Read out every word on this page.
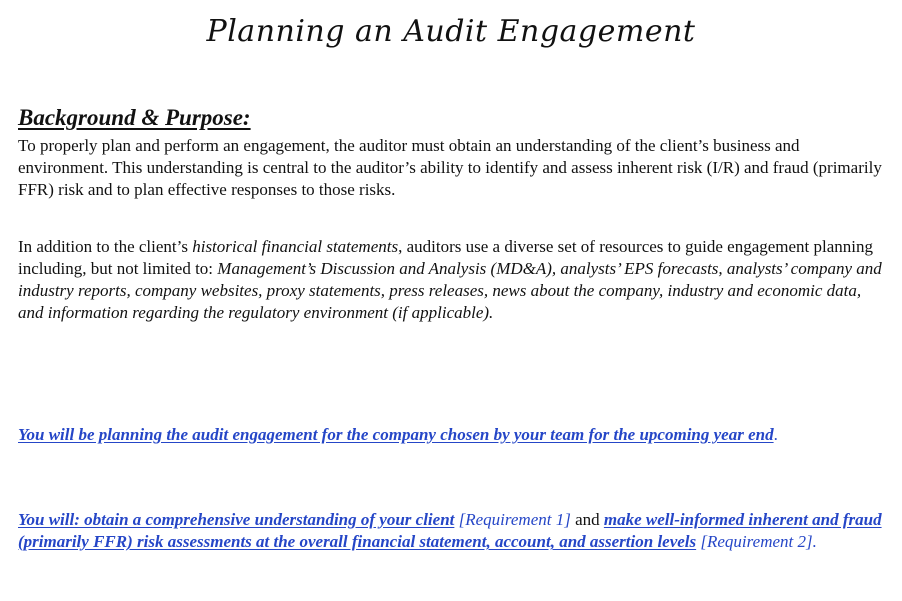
Planning an Audit Engagement
Background & Purpose:
To properly plan and perform an engagement, the auditor must obtain an understanding of the client’s business and environment. This understanding is central to the auditor’s ability to identify and assess inherent risk (I/R) and fraud (primarily FFR) risk and to plan effective responses to those risks.
In addition to the client’s historical financial statements, auditors use a diverse set of resources to guide engagement planning including, but not limited to: Management’s Discussion and Analysis (MD&A), analysts’ EPS forecasts, analysts’ company and industry reports, company websites, proxy statements, press releases, news about the company, industry and economic data, and information regarding the regulatory environment (if applicable).
You will be planning the audit engagement for the company chosen by your team for the upcoming year end.
You will: obtain a comprehensive understanding of your client [Requirement 1] and make well-informed inherent and fraud (primarily FFR) risk assessments at the overall financial statement, account, and assertion levels [Requirement 2].
